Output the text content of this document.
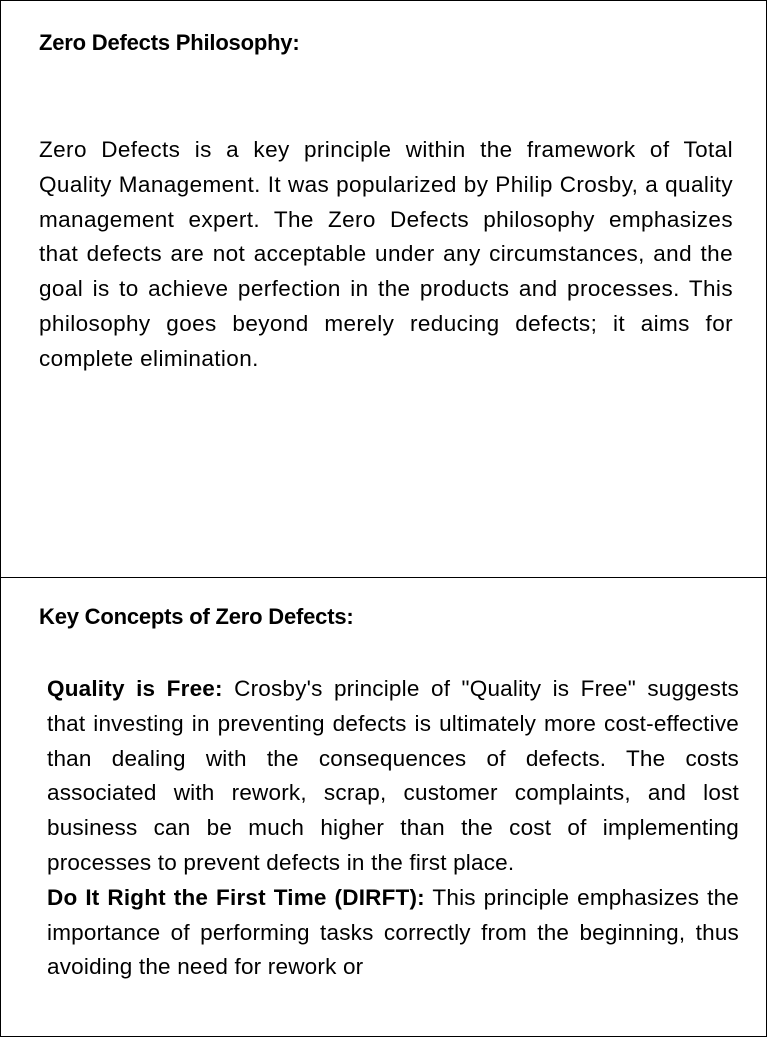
Zero Defects Philosophy:

Zero Defects is a key principle within the framework of Total Quality Management. It was popularized by Philip Crosby, a quality management expert. The Zero Defects philosophy emphasizes that defects are not acceptable under any circumstances, and the goal is to achieve perfection in the products and processes. This philosophy goes beyond merely reducing defects; it aims for complete elimination.

Key Concepts of Zero Defects:

Quality is Free: Crosby's principle of "Quality is Free" suggests that investing in preventing defects is ultimately more cost-effective than dealing with the consequences of defects. The costs associated with rework, scrap, customer complaints, and lost business can be much higher than the cost of implementing processes to prevent defects in the first place.

Do It Right the First Time (DIRFT): This principle emphasizes the importance of performing tasks correctly from the beginning, thus avoiding the need for rework or
